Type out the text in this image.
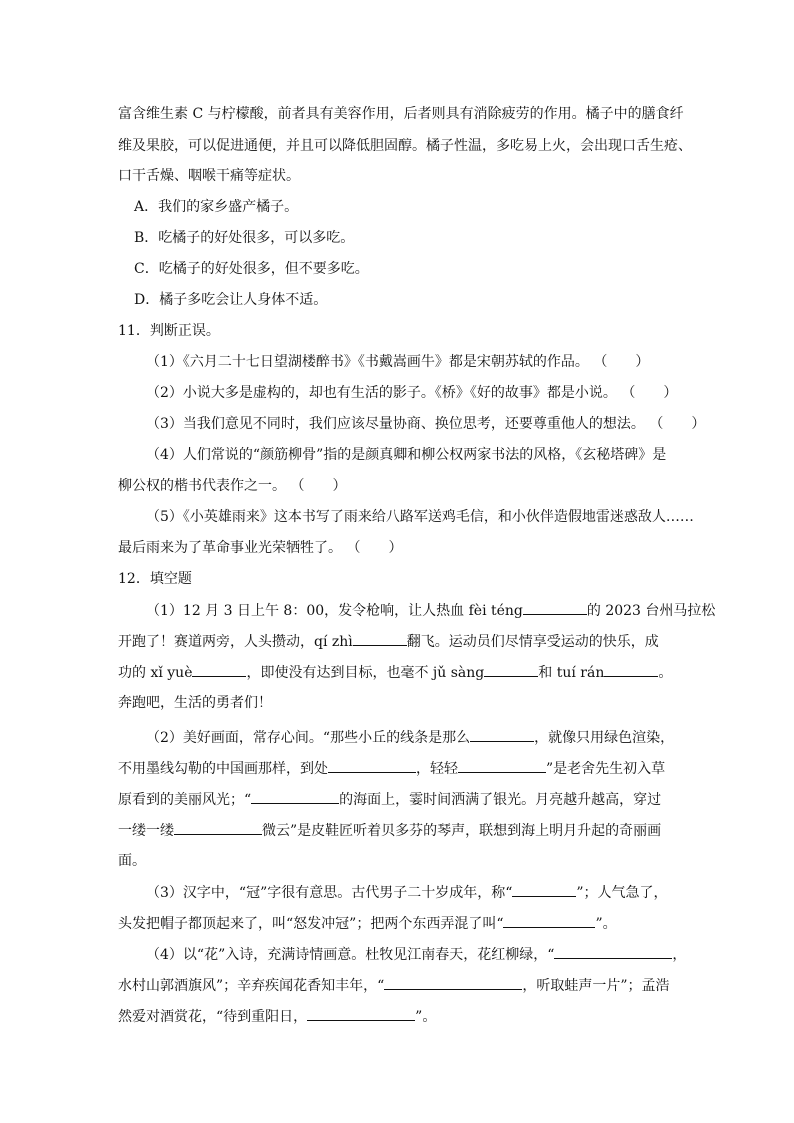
富含维生素 C 与柠檬酸，前者具有美容作用，后者则具有消除疲劳的作用。橘子中的膳食纤
维及果胶，可以促进通便，并且可以降低胆固醇。橘子性温，多吃易上火，会出现口舌生疮、
口干舌燥、咽喉干痛等症状。
A．我们的家乡盛产橘子。
B．吃橘子的好处很多，可以多吃。
C．吃橘子的好处很多，但不要多吃。
D．橘子多吃会让人身体不适。
11．判断正误。
（1）《六月二十七日望湖楼醉书》《书戴嵩画牛》都是宋朝苏轼的作品。 （　　）
（2）小说大多是虚构的，却也有生活的影子。《桥》《好的故事》都是小说。 （　　）
（3）当我们意见不同时，我们应该尽量协商、换位思考，还要尊重他人的想法。 （　　）
（4）人们常说的“颜筋柳骨”指的是颜真卿和柳公权两家书法的风格，《玄秘塔碑》是
柳公权的楷书代表作之一。 （　　）
（5）《小英雄雨来》这本书写了雨来给八路军送鸡毛信，和小伙伴造假地雷迷惑敌人……
最后雨来为了革命事业光荣牺牲了。 （　　）
12．填空题
（1）12 月 3 日上午 8：00，发令枪响，让人热血 fèi téng	的 2023 台州马拉松
开跑了！赛道两旁，人头攒动，qí zhì	翻飞。运动员们尽情享受运动的快乐，成
功的 xǐ yuè	，即使没有达到目标，也毫不 jǔ sàng	和 tuí rán	。
奔跑吧，生活的勇者们！
（2）美好画面，常存心间。“那些小丘的线条是那么	，就像只用绿色渲染，
不用墨线勾勒的中国画那样，到处	，轻轻	”是老舍先生初入草
原看到的美丽风光；“	的海面上，霎时间洒满了银光。月亮越升越高，穿过
一缕一缕	微云”是皮鞋匠听着贝多芬的琴声，联想到海上明月升起的奇丽画
面。
（3）汉字中，“冠”字很有意思。古代男子二十岁成年，称“	”；人气急了，
头发把帽子都顶起来了，叫“怒发冲冠”；把两个东西弄混了叫“	”。
（4）以“花”入诗，充满诗情画意。杜牧见江南春天，花红柳绿，“	，
水村山郭酒旗风”；辛弃疾闻花香知丰年，“	，听取蛙声一片”；孟浩
然爱对酒赏花，“待到重阳日，	”。
